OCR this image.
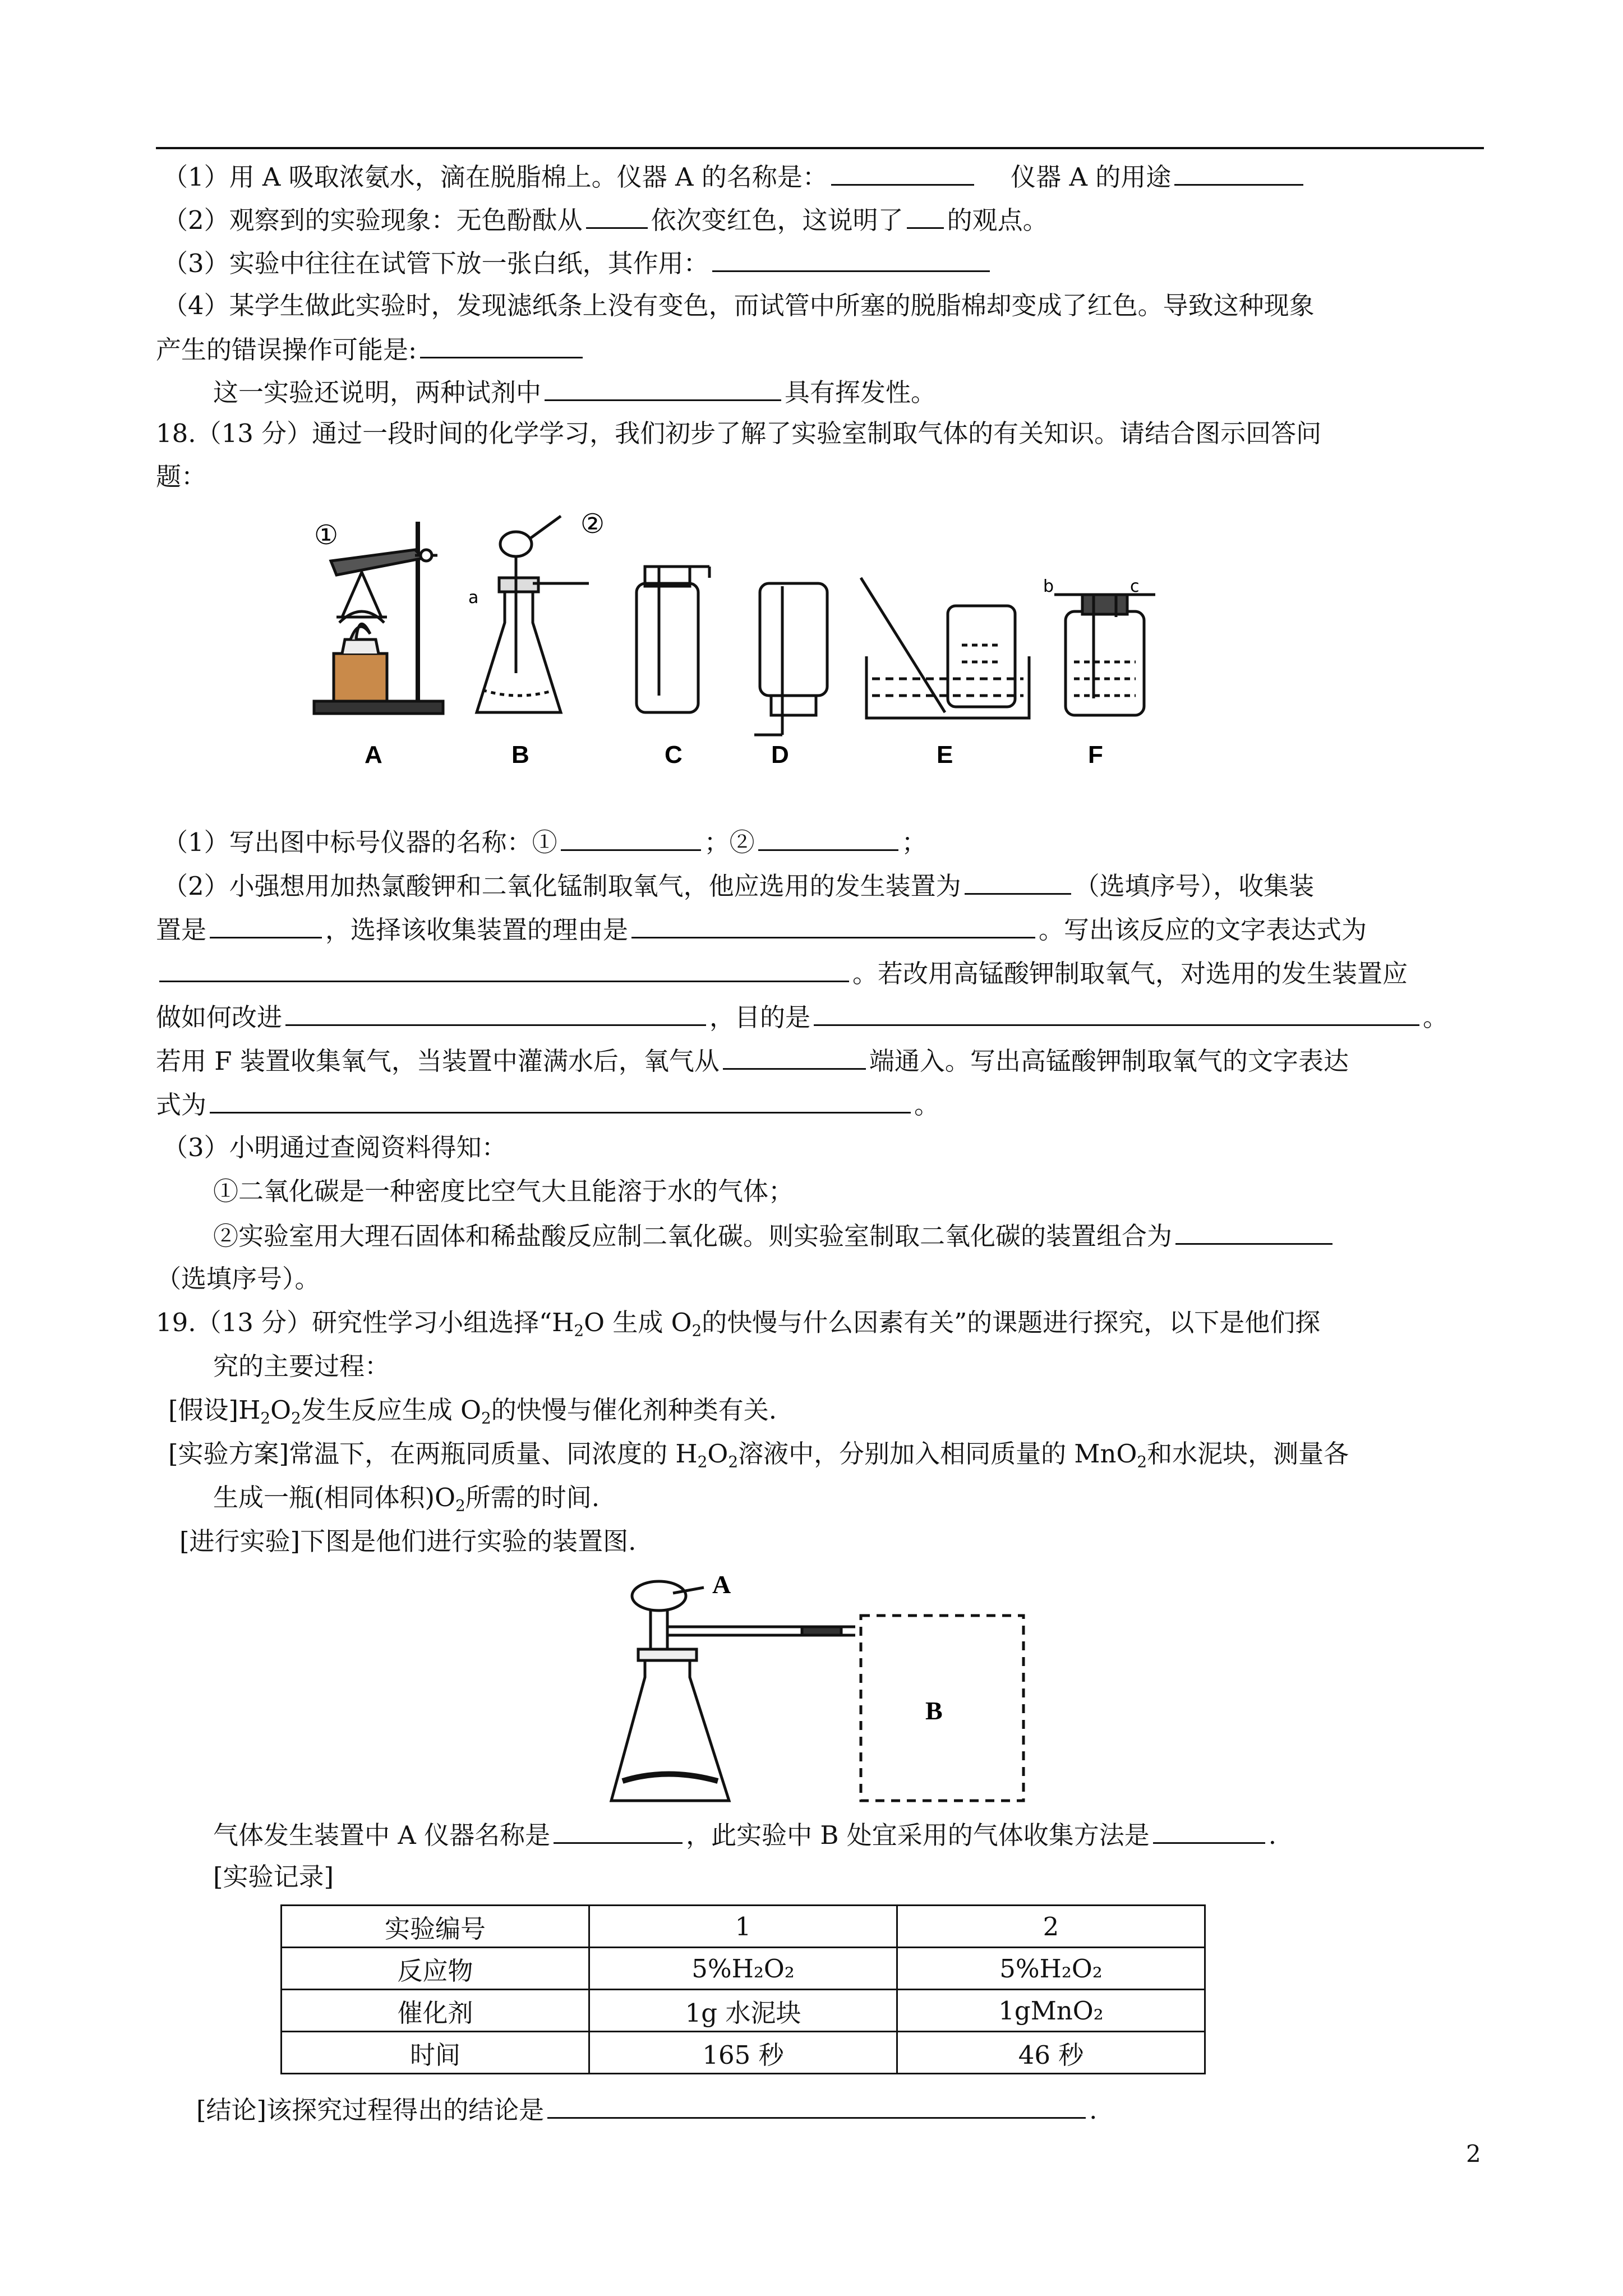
（1）用 A 吸取浓氨水，滴在脱脂棉上。仪器 A 的名称是：	仪器 A 的用途
（2）观察到的实验现象：无色酚酞从	依次变红色，这说明了 的观点。
（3）实验中往往在试管下放一张白纸，其作用：
（4）某学生做此实验时，发现滤纸条上没有变色，而试管中所塞的脱脂棉却变成了红色。导致这种现象
产生的错误操作可能是:
这一实验还说明，两种试剂中	具有挥发性。
18.（13 分）通过一段时间的化学学习，我们初步了解了实验室制取气体的有关知识。请结合图示回答问
题：
①	②
a
b	c
A	B	C	D	E	F
（1）写出图中标号仪器的名称：①	；②	；
（2）小强想用加热氯酸钾和二氧化锰制取氧气，他应选用的发生装置为	（选填序号），收集装
置是	，选择该收集装置的理由是	。写出该反应的文字表达式为
。若改用高锰酸钾制取氧气，对选用的发生装置应
做如何改进	，目的是	。
若用 F 装置收集氧气，当装置中灌满水后，氧气从	端通入。写出高锰酸钾制取氧气的文字表达
式为	。
（3）小明通过查阅资料得知：
①二氧化碳是一种密度比空气大且能溶于水的气体；
②实验室用大理石固体和稀盐酸反应制二氧化碳。则实验室制取二氧化碳的装置组合为
（选填序号）。
19.（13 分）研究性学习小组选择“$H_2O$ 生成 $O_2$的快慢与什么因素有关”的课题进行探究，以下是他们探
究的主要过程：
[假设]$H_2O_2$发生反应生成 $O_2$的快慢与催化剂种类有关.
[实验方案]常温下，在两瓶同质量、同浓度的 $H_2O_2$溶液中，分别加入相同质量的 MnO$_2$和水泥块，测量各
生成一瓶(相同体积)$O_2$所需的时间.
[进行实验]下图是他们进行实验的装置图.
A
B
气体发生装置中 A 仪器名称是	，此实验中 B 处宜采用的气体收集方法是	.
[实验记录]
实验编号	1	2
反应物	5%H₂O₂	5%H₂O₂
催化剂	1g 水泥块	1gMnO₂
时间	165 秒	46 秒
[结论]该探究过程得出的结论是	.
2
